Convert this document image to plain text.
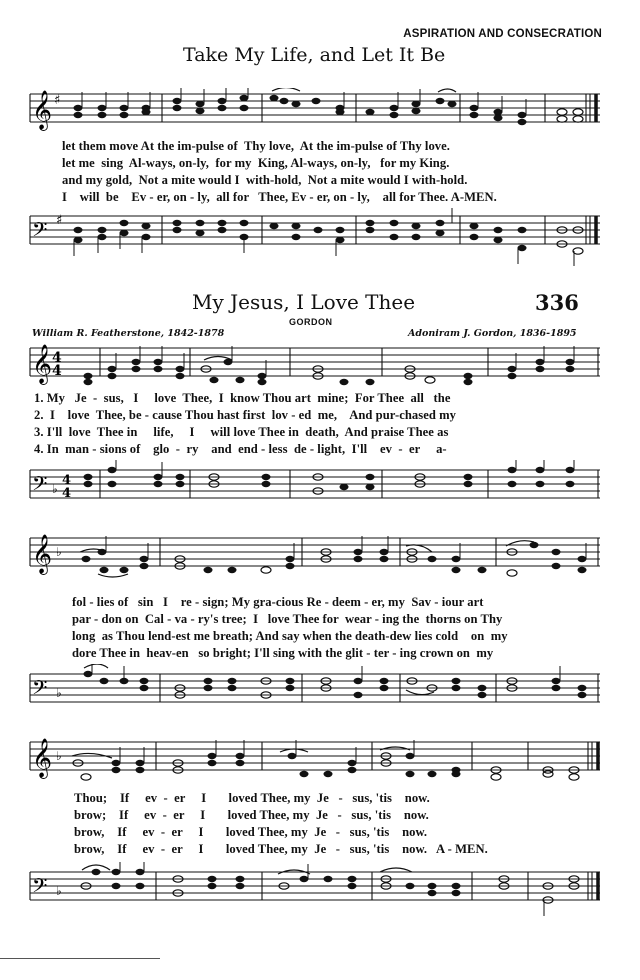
ASPIRATION AND CONSECRATION
Take My Life, and Let It Be
𝄞 ♯
let them move At the im-pulse of  Thy love,  At the im-pulse of Thy love.
let me  sing  Al-ways, on-ly,  for my  King, Al-ways, on-ly,   for my King.
and my gold,  Not a mite would I  with-hold,  Not a mite would I with-hold.
I    will  be    Ev - er, on - ly,  all for   Thee, Ev - er, on - ly,    all for Thee. A-MEN.
𝄢 ♯
My Jesus, I Love Thee	336
GORDON
William R. Featherstone, 1842-1878	Adoniram J. Gordon, 1836-1895
𝄞 4
4
1. My   Je  -  sus,   I     love  Thee,  I  know Thou art  mine;  For Thee  all   the
2.  I    love  Thee, be - cause Thou hast first  lov - ed  me,    And pur-chased my
3. I'll  love  Thee in     life,     I     will love Thee in  death,  And praise Thee as
4. In  man - sions of    glo  -  ry    and  end - less  de - light,  I'll    ev  -  er     a-
𝄢 ♭
4
4
𝄞 ♭
fol - lies of   sin   I    re - sign; My gra-cious Re - deem - er, my  Sav - iour art
par - don on  Cal - va - ry's tree;  I   love Thee for  wear - ing the  thorns on Thy
long  as Thou lend-est me breath; And say when the death-dew lies cold    on  my
dore Thee in  heav-en   so bright; I'll sing with the glit - ter - ing crown on  my
𝄢 ♭
𝄞 ♭
Thou;    If     ev  -  er     I       loved Thee, my  Je   -   sus, 'tis    now.
brow;    If     ev  -  er     I       loved Thee, my  Je   -   sus, 'tis    now.
brow,    If     ev  -  er     I       loved Thee, my  Je   -   sus, 'tis    now.
brow,    If     ev  -  er     I       loved Thee, my  Je   -   sus, 'tis    now.   A - MEN.
𝄢 ♭
